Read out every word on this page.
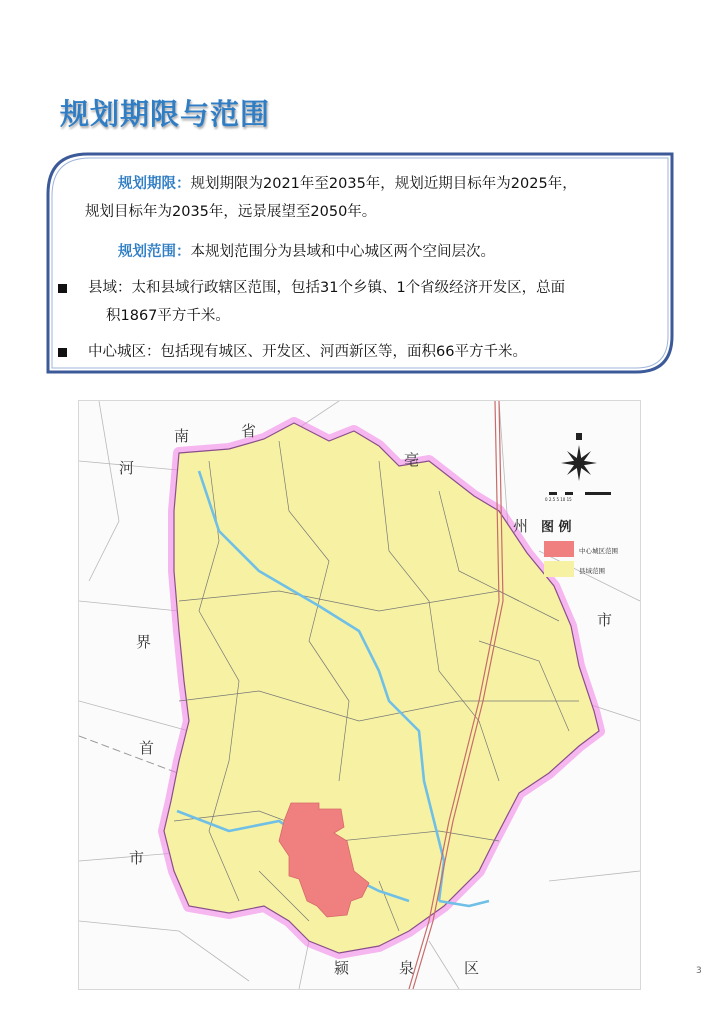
规划期限与范围

规划期限：规划期限为2021年至2035年，规划近期目标年为2025年，
规划目标年为2035年，远景展望至2050年。

规划范围：本规划范围分为县域和中心城区两个空间层次。

县域：太和县域行政辖区范围，包括31个乡镇、1个省级经济开发区，总面
积1867平方千米。
中心城区：包括现有城区、开发区、河西新区等，面积66平方千米。
0 2.5 5 10 15
南	省
亳
州
市
河
界
首
市
颍	泉	区
图 例
中心城区范围
县域范围
3
